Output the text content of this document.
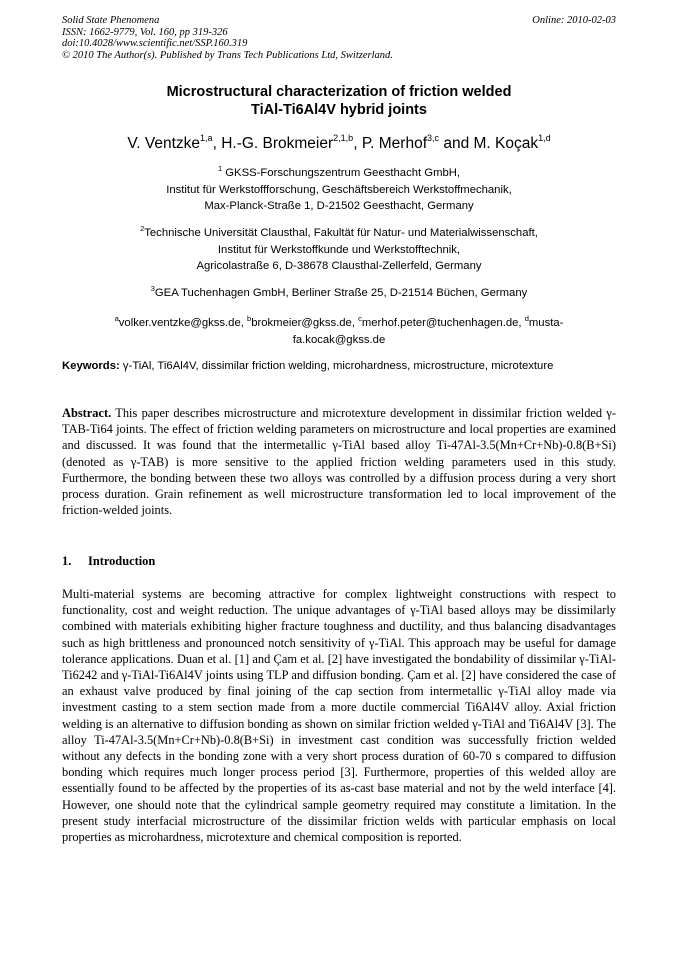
Solid State Phenomena
ISSN: 1662-9779, Vol. 160, pp 319-326
doi:10.4028/www.scientific.net/SSP.160.319
© 2010 The Author(s). Published by Trans Tech Publications Ltd, Switzerland.
Online: 2010-02-03
Microstructural characterization of friction welded
TiAl-Ti6Al4V hybrid joints
V. Ventzke$^{1,a}$, H.-G. Brokmeier$^{2,1,b}$, P. Merhof$^{3,c}$ and M. Koçak$^{1,d}$
$^1$ GKSS-Forschungszentrum Geesthacht GmbH,
Institut für Werkstoffforschung, Geschäftsbereich Werkstoffmechanik,
Max-Planck-Straße 1, D-21502 Geesthacht, Germany
$^2$Technische Universität Clausthal, Fakultät für Natur- und Materialwissenschaft,
Institut für Werkstoffkunde und Werkstofftechnik,
Agricolastraße 6, D-38678 Clausthal-Zellerfeld, Germany
$^3$GEA Tuchenhagen GmbH, Berliner Straße 25, D-21514 Büchen, Germany
$^a$volker.ventzke@gkss.de, $^b$brokmeier@gkss.de, $^c$merhof.peter@tuchenhagen.de, $^d$musta-
fa.kocak@gkss.de
Keywords: γ-TiAl, Ti6Al4V, dissimilar friction welding, microhardness, microstructure, microtexture
Abstract. This paper describes microstructure and microtexture development in dissimilar friction welded γ-TAB-Ti64 joints. The effect of friction welding parameters on microstructure and local properties are examined and discussed. It was found that the intermetallic γ-TiAl based alloy Ti-47Al-3.5(Mn+Cr+Nb)-0.8(B+Si) (denoted as γ-TAB) is more sensitive to the applied friction welding parameters used in this study. Furthermore, the bonding between these two alloys was controlled by a diffusion process during a very short process duration. Grain refinement as well microstructure transformation led to local improvement of the friction-welded joints.
1. Introduction
Multi-material systems are becoming attractive for complex lightweight constructions with respect to functionality, cost and weight reduction. The unique advantages of γ-TiAl based alloys may be dissimilarly combined with materials exhibiting higher fracture toughness and ductility, and thus balancing disadvantages such as high brittleness and pronounced notch sensitivity of γ-TiAl. This approach may be useful for damage tolerance applications. Duan et al. [1] and Çam et al. [2] have investigated the bondability of dissimilar γ-TiAl-Ti6242 and γ-TiAl-Ti6Al4V joints using TLP and diffusion bonding. Çam et al. [2] have considered the case of an exhaust valve produced by final joining of the cap section from intermetallic γ-TiAl alloy made via investment casting to a stem section made from a more ductile commercial Ti6Al4V alloy. Axial friction welding is an alternative to diffusion bonding as shown on similar friction welded γ-TiAl and Ti6Al4V [3]. The alloy Ti-47Al-3.5(Mn+Cr+Nb)-0.8(B+Si) in investment cast condition was successfully friction welded without any defects in the bonding zone with a very short process duration of 60-70 s compared to diffusion bonding which requires much longer process period [3]. Furthermore, properties of this welded alloy are essentially found to be affected by the properties of its as-cast base material and not by the weld interface [4]. However, one should note that the cylindrical sample geometry required may constitute a limitation. In the present study interfacial microstructure of the dissimilar friction welds with particular emphasis on local properties as microhardness, microtexture and chemical composition is reported.
